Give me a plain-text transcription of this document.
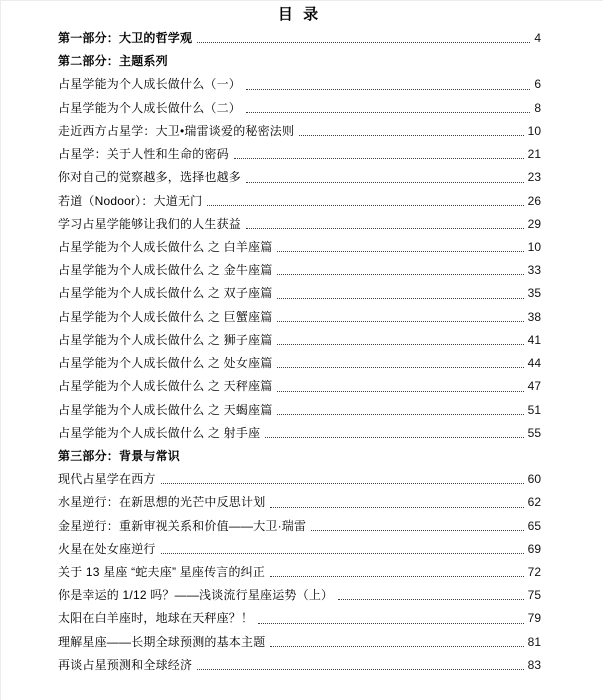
目 录
第一部分：大卫的哲学观	4
第二部分：主题系列
占星学能为个人成长做什么（一）	6
占星学能为个人成长做什么（二）	8
走近西方占星学：大卫•瑞雷谈爱的秘密法则	10
占星学：关于人性和生命的密码	21
你对自己的觉察越多，选择也越多	23
若道（Nodoor）：大道无门	26
学习占星学能够让我们的人生获益	29
占星学能为个人成长做什么 之 白羊座篇	10
占星学能为个人成长做什么 之 金牛座篇	33
占星学能为个人成长做什么 之 双子座篇	35
占星学能为个人成长做什么 之 巨蟹座篇	38
占星学能为个人成长做什么 之 狮子座篇	41
占星学能为个人成长做什么 之 处女座篇	44
占星学能为个人成长做什么 之 天秤座篇	47
占星学能为个人成长做什么 之 天蝎座篇	51
占星学能为个人成长做什么 之 射手座	55
第三部分：背景与常识
现代占星学在西方	60
水星逆行：在新思想的光芒中反思计划	62
金星逆行：重新审视关系和价值——大卫·瑞雷	65
火星在处女座逆行	69
关于 13 星座 “蛇夫座” 星座传言的纠正	72
你是幸运的 1/12 吗？——浅谈流行星座运势（上）	75
太阳在白羊座时，地球在天秤座？！	79
理解星座——长期全球预测的基本主题	81
再谈占星预测和全球经济	83
